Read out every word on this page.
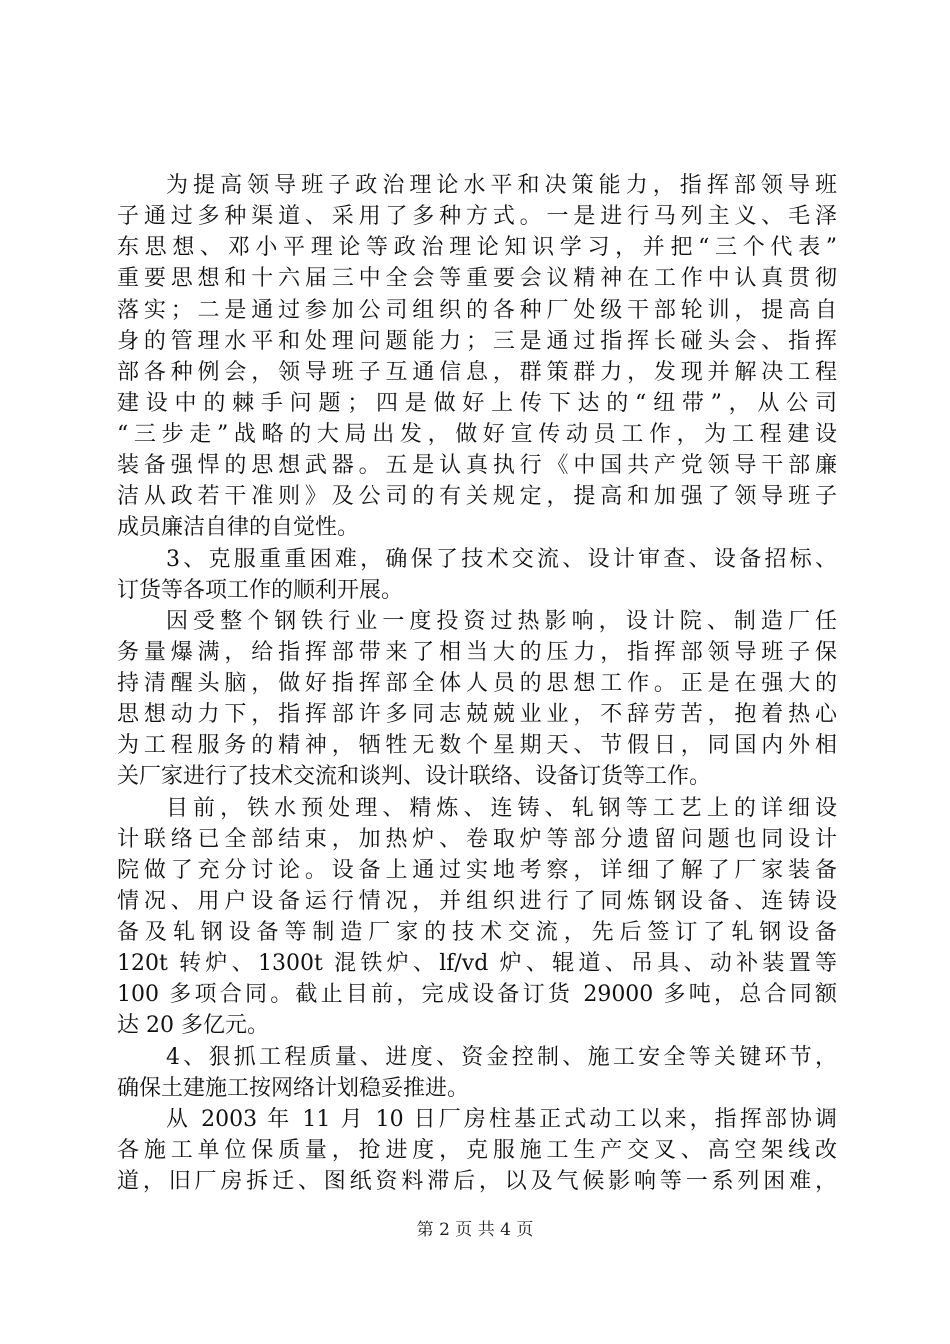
为提高领导班子政治理论水平和决策能力，指挥部领导班
子通过多种渠道、采用了多种方式。一是进行马列主义、毛泽
东思想、邓小平理论等政治理论知识学习，并把“三个代表”
重要思想和十六届三中全会等重要会议精神在工作中认真贯彻
落实；二是通过参加公司组织的各种厂处级干部轮训，提高自
身的管理水平和处理问题能力；三是通过指挥长碰头会、指挥
部各种例会，领导班子互通信息，群策群力，发现并解决工程
建设中的棘手问题；四是做好上传下达的“纽带”，从公司
“三步走”战略的大局出发，做好宣传动员工作，为工程建设
装备强悍的思想武器。五是认真执行《中国共产党领导干部廉
洁从政若干准则》及公司的有关规定，提高和加强了领导班子
成员廉洁自律的自觉性。
3、克服重重困难，确保了技术交流、设计审查、设备招标、
订货等各项工作的顺利开展。
因受整个钢铁行业一度投资过热影响，设计院、制造厂任
务量爆满，给指挥部带来了相当大的压力，指挥部领导班子保
持清醒头脑，做好指挥部全体人员的思想工作。正是在强大的
思想动力下，指挥部许多同志兢兢业业，不辞劳苦，抱着热心
为工程服务的精神，牺牲无数个星期天、节假日，同国内外相
关厂家进行了技术交流和谈判、设计联络、设备订货等工作。
目前，铁水预处理、精炼、连铸、轧钢等工艺上的详细设
计联络已全部结束，加热炉、卷取炉等部分遗留问题也同设计
院做了充分讨论。设备上通过实地考察，详细了解了厂家装备
情况、用户设备运行情况，并组织进行了同炼钢设备、连铸设
备及轧钢设备等制造厂家的技术交流，先后签订了轧钢设备
120t 转炉、1300t 混铁炉、lf/vd 炉、辊道、吊具、动补装置等
100 多项合同。截止目前，完成设备订货 29000 多吨，总合同额
达 20 多亿元。
4、狠抓工程质量、进度、资金控制、施工安全等关键环节，
确保土建施工按网络计划稳妥推进。
从 2003 年 11 月 10 日厂房柱基正式动工以来，指挥部协调
各施工单位保质量，抢进度，克服施工生产交叉、高空架线改
道，旧厂房拆迁、图纸资料滞后，以及气候影响等一系列困难，
第 2 页 共 4 页
